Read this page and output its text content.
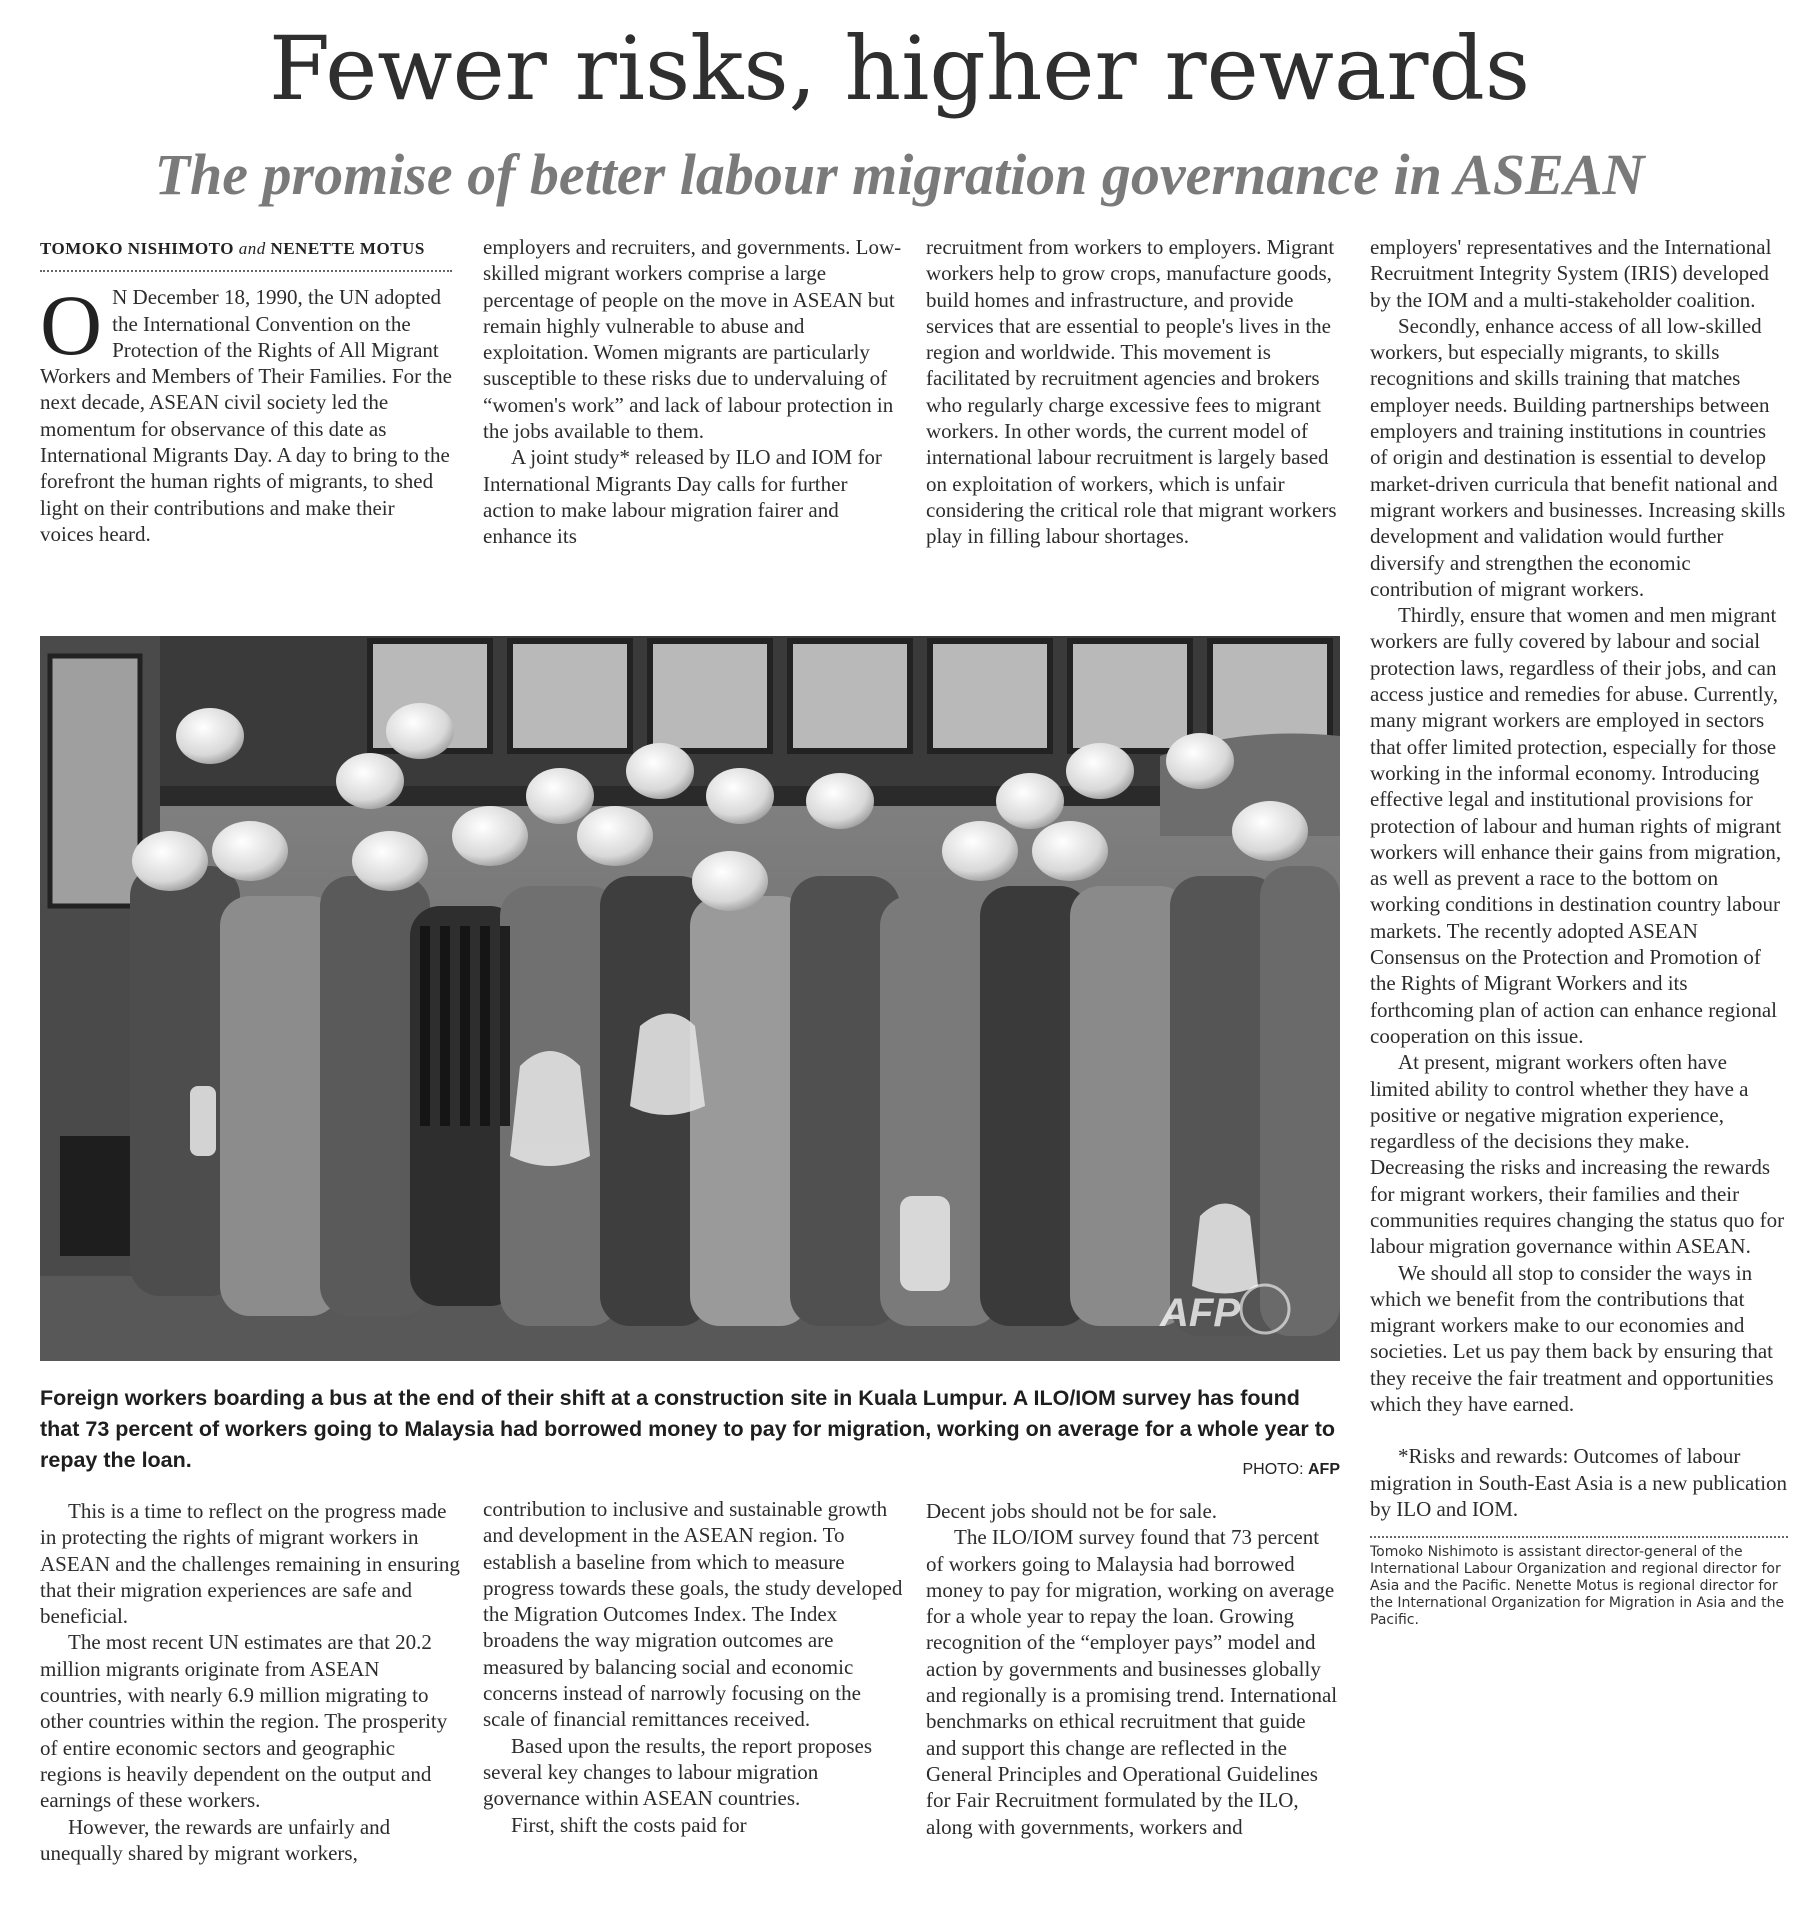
Fewer risks, higher rewards
The promise of better labour migration governance in ASEAN
TOMOKO NISHIMOTO and NENETTE MOTUS

O N December 18, 1990, the UN adopted the International Convention on the Protection of the Rights of All Migrant Workers and Members of Their Families. For the next decade, ASEAN civil society led the momentum for observance of this date as International Migrants Day. A day to bring to the forefront the human rights of migrants, to shed light on their contributions and make their voices heard.

employers and recruiters, and governments. Low-skilled migrant workers comprise a large percentage of people on the move in ASEAN but remain highly vulnerable to abuse and exploitation. Women migrants are particularly susceptible to these risks due to undervaluing of “women's work” and lack of labour protection in the jobs available to them.

A joint study* released by ILO and IOM for International Migrants Day calls for further action to make labour migration fairer and enhance its

recruitment from workers to employers. Migrant workers help to grow crops, manufacture goods, build homes and infrastructure, and provide services that are essential to people's lives in the region and worldwide. This movement is facilitated by recruitment agencies and brokers who regularly charge excessive fees to migrant workers. In other words, the current model of international labour recruitment is largely based on exploitation of workers, which is unfair considering the critical role that migrant workers play in filling labour shortages.

employers' representatives and the International Recruitment Integrity System (IRIS) developed by the IOM and a multi-stakeholder coalition.

Secondly, enhance access of all low-skilled workers, but especially migrants, to skills recognitions and skills training that matches employer needs. Building partnerships between employers and training institutions in countries of origin and destination is essential to develop market-driven curricula that benefit national and migrant workers and businesses. Increasing skills development and validation would further diversify and strengthen the economic contribution of migrant workers.

Thirdly, ensure that women and men migrant workers are fully covered by labour and social protection laws, regardless of their jobs, and can access justice and remedies for abuse. Currently, many migrant workers are employed in sectors that offer limited protection, especially for those working in the informal economy. Introducing effective legal and institutional provisions for protection of labour and human rights of migrant workers will enhance their gains from migration, as well as prevent a race to the bottom on working conditions in destination country labour markets. The recently adopted ASEAN Consensus on the Protection and Promotion of the Rights of Migrant Workers and its forthcoming plan of action can enhance regional cooperation on this issue.

At present, migrant workers often have limited ability to control whether they have a positive or negative migration experience, regardless of the decisions they make. Decreasing the risks and increasing the rewards for migrant workers, their families and their communities requires changing the status quo for labour migration governance within ASEAN.

We should all stop to consider the ways in which we benefit from the contributions that migrant workers make to our economies and societies. Let us pay them back by ensuring that they receive the fair treatment and opportunities which they have earned.

*Risks and rewards: Outcomes of labour migration in South-East Asia is a new publication by ILO and IOM.

Tomoko Nishimoto is assistant director-general of the International Labour Organization and regional director for Asia and the Pacific. Nenette Motus is regional director for the International Organization for Migration in Asia and the Pacific.
AFP
Foreign workers boarding a bus at the end of their shift at a construction site in Kuala Lumpur. A ILO/IOM survey has found that 73 percent of workers going to Malaysia had borrowed money to pay for migration, working on average for a whole year to repay the loan.	PHOTO: AFP

This is a time to reflect on the progress made in protecting the rights of migrant workers in ASEAN and the challenges remaining in ensuring that their migration experiences are safe and beneficial.

The most recent UN estimates are that 20.2 million migrants originate from ASEAN countries, with nearly 6.9 million migrating to other countries within the region. The prosperity of entire economic sectors and geographic regions is heavily dependent on the output and earnings of these workers.

However, the rewards are unfairly and unequally shared by migrant workers,

contribution to inclusive and sustainable growth and development in the ASEAN region. To establish a baseline from which to measure progress towards these goals, the study developed the Migration Outcomes Index. The Index broadens the way migration outcomes are measured by balancing social and economic concerns instead of narrowly focusing on the scale of financial remittances received.

Based upon the results, the report proposes several key changes to labour migration governance within ASEAN countries.

First, shift the costs paid for

Decent jobs should not be for sale.

The ILO/IOM survey found that 73 percent of workers going to Malaysia had borrowed money to pay for migration, working on average for a whole year to repay the loan. Growing recognition of the “employer pays” model and action by governments and businesses globally and regionally is a promising trend. International benchmarks on ethical recruitment that guide and support this change are reflected in the General Principles and Operational Guidelines for Fair Recruitment formulated by the ILO, along with governments, workers and
